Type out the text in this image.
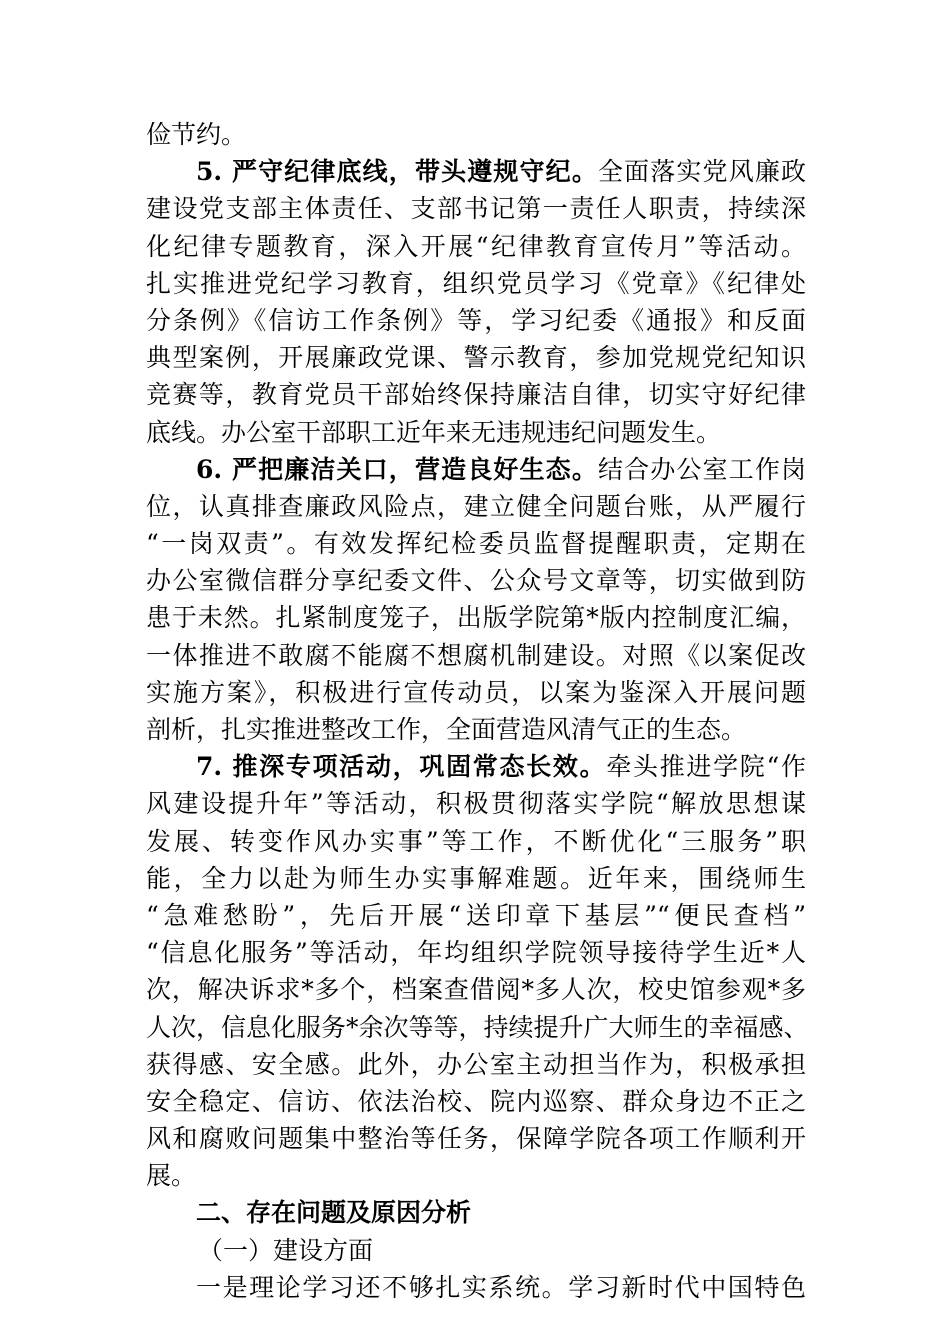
俭节约。
5. 严守纪律底线，带头遵规守纪。全面落实党风廉政
建设党支部主体责任、支部书记第一责任人职责，持续深
化纪律专题教育，深入开展“纪律教育宣传月”等活动。
扎实推进党纪学习教育，组织党员学习《党章》《纪律处
分条例》《信访工作条例》等，学习纪委《通报》和反面
典型案例，开展廉政党课、警示教育，参加党规党纪知识
竞赛等，教育党员干部始终保持廉洁自律，切实守好纪律
底线。办公室干部职工近年来无违规违纪问题发生。
6. 严把廉洁关口，营造良好生态。结合办公室工作岗
位，认真排查廉政风险点，建立健全问题台账，从严履行
“一岗双责”。有效发挥纪检委员监督提醒职责，定期在
办公室微信群分享纪委文件、公众号文章等，切实做到防
患于未然。扎紧制度笼子，出版学院第*版内控制度汇编，
一体推进不敢腐不能腐不想腐机制建设。对照《以案促改
实施方案》，积极进行宣传动员，以案为鉴深入开展问题
剖析，扎实推进整改工作，全面营造风清气正的生态。
7. 推深专项活动，巩固常态长效。牵头推进学院“作
风建设提升年”等活动，积极贯彻落实学院“解放思想谋
发展、转变作风办实事”等工作，不断优化“三服务”职
能，全力以赴为师生办实事解难题。近年来，围绕师生
“急难愁盼”，先后开展“送印章下基层”“便民查档”
“信息化服务”等活动，年均组织学院领导接待学生近*人
次，解决诉求*多个，档案查借阅*多人次，校史馆参观*多
人次，信息化服务*余次等等，持续提升广大师生的幸福感、
获得感、安全感。此外，办公室主动担当作为，积极承担
安全稳定、信访、依法治校、院内巡察、群众身边不正之
风和腐败问题集中整治等任务，保障学院各项工作顺利开
展。
二、存在问题及原因分析
（一）建设方面
一是理论学习还不够扎实系统。学习新时代中国特色
